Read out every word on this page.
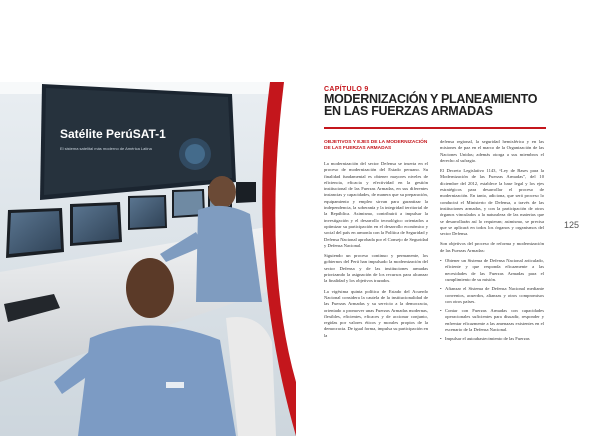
Satélite PerúSAT-1
El sistema satelital más moderno de América Latina
CAPÍTULO 9
MODERNIZACIÓN Y PLANEAMIENTO EN LAS FUERZAS ARMADAS
OBJETIVOS Y EJES DE LA MODERNIZACIÓN DE LAS FUERZAS ARMADAS

La modernización del sector Defensa se inserta en el proceso de modernización del Estado peruano. Su finalidad fundamental es obtener mayores niveles de eficiencia, eficacia y efectividad en la gestión institucional de las Fuerzas Armadas, en sus diferentes instancias y capacidades, de manera que su preparación, equipamiento y empleo sirvan para garantizar la independencia, la soberanía y la integridad territorial de la República. Asimismo, contribuirá a impulsar la investigación y el desarrollo tecnológico orientados a optimizar su participación en el desarrollo económico y social del país en armonía con la Política de Seguridad y Defensa Nacional aprobada por el Consejo de Seguridad y Defensa Nacional.

Siguiendo un proceso continuo y permanente, los gobiernos del Perú han impulsado la modernización del sector Defensa y de las instituciones armadas priorizando la asignación de los recursos para alcanzar la finalidad y los objetivos trazados.

La vigésima quinta política de Estado del Acuerdo Nacional considera la cautela de la institucionalidad de las Fuerzas Armadas y su servicio a la democracia, orientado a promover unas Fuerzas Armadas modernas, flexibles, eficientes, eficaces y de accionar conjunto, regidas por valores éticos y morales propios de la democracia. De igual forma, impulsa su participación en la

defensa regional, la seguridad hemisférica y en las misiones de paz en el marco de la Organización de las Naciones Unidas; además otorga a sus miembros el derecho al sufragio.

El Decreto Legislativo 1143, “Ley de Bases para la Modernización de las Fuerzas Armadas”, del 10 diciembre del 2012, establece la base legal y los ejes estratégicos para desarrollar el proceso de modernización. En tanto, adiciona, que será proceso lo conducirá el Ministerio de Defensa, a través de las instituciones armadas, y con la participación de otros órganos vinculados a la naturaleza de las materias que se desarrollarán así lo requieran; asimismo, se precisa que se aplicará en todos los órganos y organismos del sector Defensa.

Son objetivos del proceso de reforma y modernización de las Fuerzas Armadas:

• Obtener un Sistema de Defensa Nacional articulado, eficiente y que responda eficazmente a las necesidades de las Fuerzas Armadas para el cumplimiento de su misión.
• Afianzar el Sistema de Defensa Nacional mediante convenios, acuerdos, alianzas y otros compromisos con otros países.
• Contar con Fuerzas Armadas con capacidades operacionales suficientes para disuadir, responder y enfrentar eficazmente a las amenazas existentes en el escenario de la Defensa Nacional.
• Impulsar el autoabastecimiento de las Fuerzas
125
